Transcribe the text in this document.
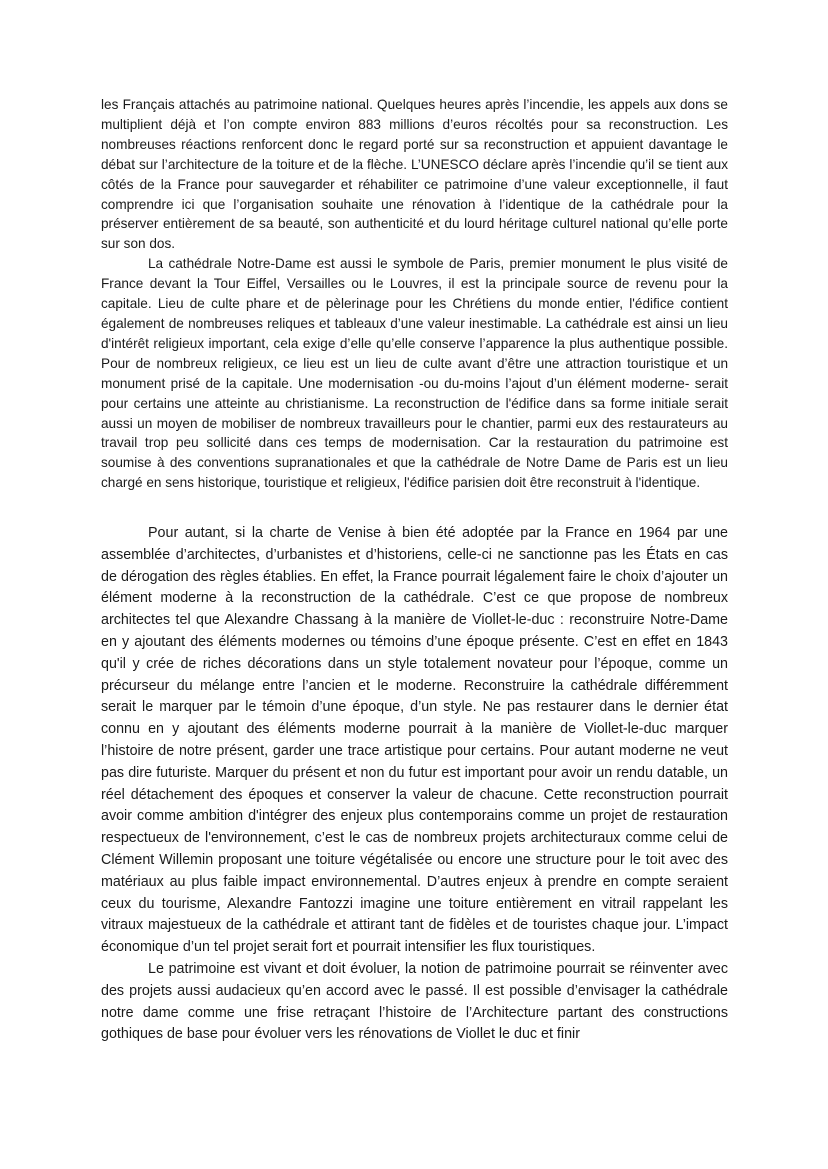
les Français attachés au patrimoine national. Quelques heures après l’incendie, les appels aux dons se multiplient déjà et l’on compte environ 883 millions d’euros récoltés pour sa reconstruction. Les nombreuses réactions renforcent donc le regard porté sur sa reconstruction et appuient davantage le débat sur l’architecture de la toiture et de la flèche. L’UNESCO déclare après l’incendie qu’il se tient aux côtés de la France pour sauvegarder et réhabiliter ce patrimoine d’une valeur exceptionnelle, il faut comprendre ici que l’organisation souhaite une rénovation à l’identique de la cathédrale pour la préserver entièrement de sa beauté, son authenticité et du lourd héritage culturel national qu’elle porte sur son dos.

La cathédrale Notre-Dame est aussi le symbole de Paris, premier monument le plus visité de France devant la Tour Eiffel, Versailles ou le Louvres, il est la principale source de revenu pour la capitale. Lieu de culte phare et de pèlerinage pour les Chrétiens du monde entier, l'édifice contient également de nombreuses reliques et tableaux d’une valeur inestimable. La cathédrale est ainsi un lieu d'intérêt religieux important, cela exige d’elle qu’elle conserve l’apparence la plus authentique possible. Pour de nombreux religieux, ce lieu est un lieu de culte avant d’être une attraction touristique et un monument prisé de la capitale. Une modernisation -ou du-moins l’ajout d’un élément moderne- serait pour certains une atteinte au christianisme. La reconstruction de l'édifice dans sa forme initiale serait aussi un moyen de mobiliser de nombreux travailleurs pour le chantier, parmi eux des restaurateurs au travail trop peu sollicité dans ces temps de modernisation. Car la restauration du patrimoine est soumise à des conventions supranationales et que la cathédrale de Notre Dame de Paris est un lieu chargé en sens historique, touristique et religieux, l'édifice parisien doit être reconstruit à l'identique.

Pour autant, si la charte de Venise à bien été adoptée par la France en 1964 par une assemblée d’architectes, d’urbanistes et d’historiens, celle-ci ne sanctionne pas les États en cas de dérogation des règles établies. En effet, la France pourrait légalement faire le choix d’ajouter un élément moderne à la reconstruction de la cathédrale. C’est ce que propose de nombreux architectes tel que Alexandre Chassang à la manière de Viollet-le-duc : reconstruire Notre-Dame en y ajoutant des éléments modernes ou témoins d’une époque présente. C’est en effet en 1843 qu'il y crée de riches décorations dans un style totalement novateur pour l’époque, comme un précurseur du mélange entre l’ancien et le moderne. Reconstruire la cathédrale différemment serait le marquer par le témoin d’une époque, d’un style. Ne pas restaurer dans le dernier état connu en y ajoutant des éléments moderne pourrait à la manière de Viollet-le-duc marquer l’histoire de notre présent, garder une trace artistique pour certains. Pour autant moderne ne veut pas dire futuriste. Marquer du présent et non du futur est important pour avoir un rendu datable, un réel détachement des époques et conserver la valeur de chacune. Cette reconstruction pourrait avoir comme ambition d'intégrer des enjeux plus contemporains comme un projet de restauration respectueux de l'environnement, c’est le cas de nombreux projets architecturaux comme celui de Clément Willemin proposant une toiture végétalisée ou encore une structure pour le toit avec des matériaux au plus faible impact environnemental. D’autres enjeux à prendre en compte seraient ceux du tourisme, Alexandre Fantozzi imagine une toiture entièrement en vitrail rappelant les vitraux majestueux de la cathédrale et attirant tant de fidèles et de touristes chaque jour. L’impact économique d’un tel projet serait fort et pourrait intensifier les flux touristiques.

Le patrimoine est vivant et doit évoluer, la notion de patrimoine pourrait se réinventer avec des projets aussi audacieux qu’en accord avec le passé. Il est possible d’envisager la cathédrale notre dame comme une frise retraçant l’histoire de l’Architecture partant des constructions gothiques de base pour évoluer vers les rénovations de Viollet le duc et finir
